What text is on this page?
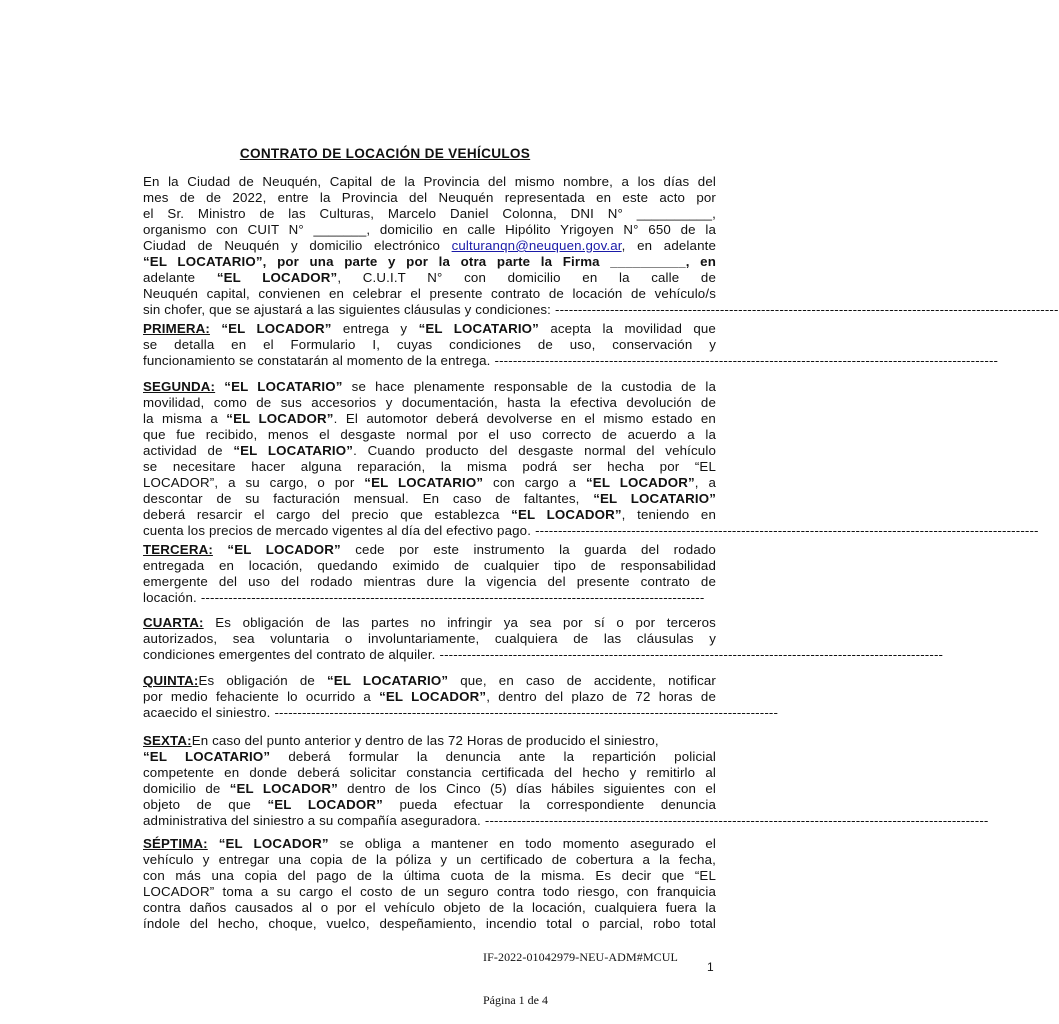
CONTRATO DE LOCACIÓN DE VEHÍCULOS
En la Ciudad de Neuquén, Capital de la Provincia del mismo nombre, a los días del
mes de de 2022, entre la Provincia del Neuquén representada en este acto por
el Sr. Ministro de las Culturas, Marcelo Daniel Colonna, DNI N° __________,
organismo con CUIT N° _______, domicilio en calle Hipólito Yrigoyen N° 650 de la
Ciudad de Neuquén y domicilio electrónico culturanqn@neuquen.gov.ar, en adelante
“EL LOCATARIO”, por una parte y por la otra parte la Firma __________, en
adelante “EL LOCADOR”, C.U.I.T N° con domicilio en la calle de
Neuquén capital, convienen en celebrar el presente contrato de locación de vehículo/s
sin chofer, que se ajustará a las siguientes cláusulas y condiciones: --------------------------------------------------------------------------------------------------------------
PRIMERA: “EL LOCADOR” entrega y “EL LOCATARIO” acepta la movilidad que
se detalla en el Formulario I, cuyas condiciones de uso, conservación y
funcionamiento se constatarán al momento de la entrega. --------------------------------------------------------------------------------------------------------------
SEGUNDA: “EL LOCATARIO” se hace plenamente responsable de la custodia de la
movilidad, como de sus accesorios y documentación, hasta la efectiva devolución de
la misma a “EL LOCADOR”. El automotor deberá devolverse en el mismo estado en
que fue recibido, menos el desgaste normal por el uso correcto de acuerdo a la
actividad de “EL LOCATARIO”. Cuando producto del desgaste normal del vehículo
se necesitare hacer alguna reparación, la misma podrá ser hecha por “EL
LOCADOR”, a su cargo, o por “EL LOCATARIO” con cargo a “EL LOCADOR”, a
descontar de su facturación mensual. En caso de faltantes, “EL LOCATARIO”
deberá resarcir el cargo del precio que establezca “EL LOCADOR”, teniendo en
cuenta los precios de mercado vigentes al día del efectivo pago. --------------------------------------------------------------------------------------------------------------
TERCERA: “EL LOCADOR” cede por este instrumento la guarda del rodado
entregada en locación, quedando eximido de cualquier tipo de responsabilidad
emergente del uso del rodado mientras dure la vigencia del presente contrato de
locación. --------------------------------------------------------------------------------------------------------------
CUARTA: Es obligación de las partes no infringir ya sea por sí o por terceros
autorizados, sea voluntaria o involuntariamente, cualquiera de las cláusulas y
condiciones emergentes del contrato de alquiler. --------------------------------------------------------------------------------------------------------------
QUINTA:Es obligación de “EL LOCATARIO” que, en caso de accidente, notificar
por medio fehaciente lo ocurrido a “EL LOCADOR”, dentro del plazo de 72 horas de
acaecido el siniestro. --------------------------------------------------------------------------------------------------------------
SEXTA:En caso del punto anterior y dentro de las 72 Horas de producido el siniestro,
“EL LOCATARIO” deberá formular la denuncia ante la repartición policial
competente en donde deberá solicitar constancia certificada del hecho y remitirlo al
domicilio de “EL LOCADOR” dentro de los Cinco (5) días hábiles siguientes con el
objeto de que “EL LOCADOR” pueda efectuar la correspondiente denuncia
administrativa del siniestro a su compañía aseguradora. --------------------------------------------------------------------------------------------------------------
SÉPTIMA: “EL LOCADOR” se obliga a mantener en todo momento asegurado el
vehículo y entregar una copia de la póliza y un certificado de cobertura a la fecha,
con más una copia del pago de la última cuota de la misma. Es decir que “EL
LOCADOR” toma a su cargo el costo de un seguro contra todo riesgo, con franquicia
contra daños causados al o por el vehículo objeto de la locación, cualquiera fuera la
índole del hecho, choque, vuelco, despeñamiento, incendio total o parcial, robo total
IF-2022-01042979-NEU-ADM#MCUL
1
Página 1 de 4
